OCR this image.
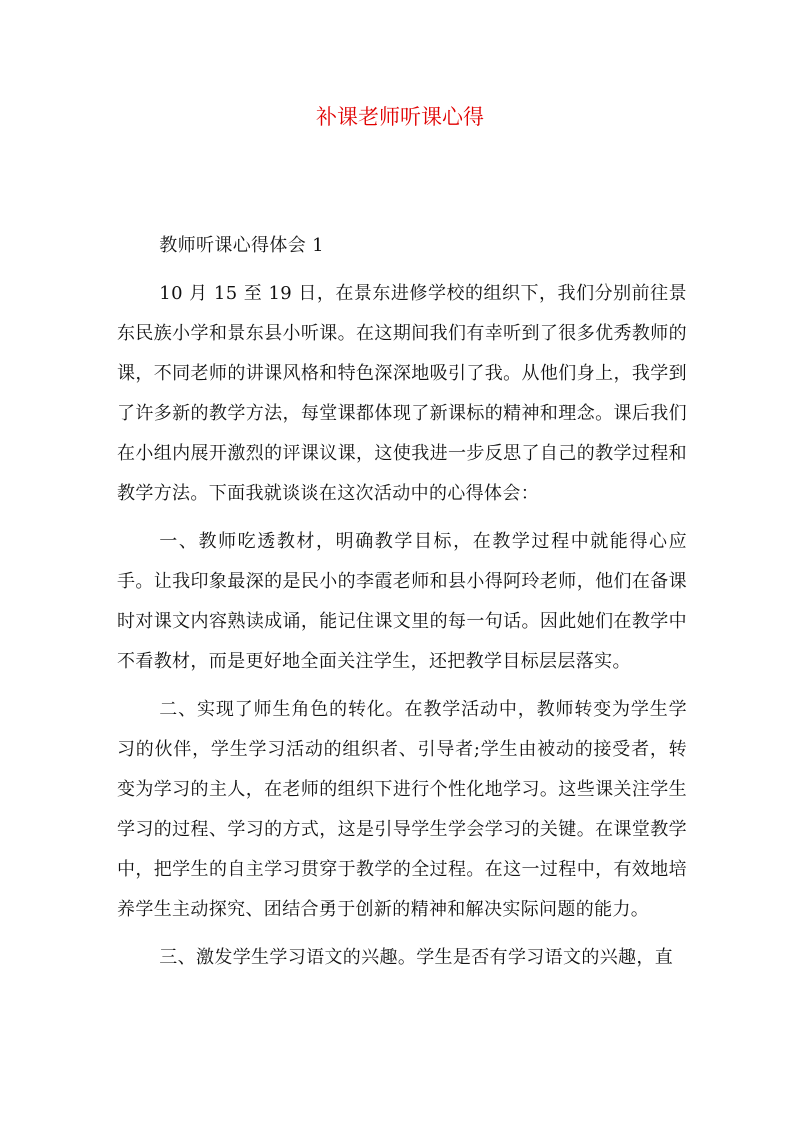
补课老师听课心得

教师听课心得体会 1

10 月 15 至 19 日，在景东进修学校的组织下，我们分别前往景东民族小学和景东县小听课。在这期间我们有幸听到了很多优秀教师的课，不同老师的讲课风格和特色深深地吸引了我。从他们身上，我学到了许多新的教学方法，每堂课都体现了新课标的精神和理念。课后我们在小组内展开激烈的评课议课，这使我进一步反思了自己的教学过程和教学方法。下面我就谈谈在这次活动中的心得体会：

一、教师吃透教材，明确教学目标，在教学过程中就能得心应手。让我印象最深的是民小的李霞老师和县小得阿玲老师，他们在备课时对课文内容熟读成诵，能记住课文里的每一句话。因此她们在教学中不看教材，而是更好地全面关注学生，还把教学目标层层落实。

二、实现了师生角色的转化。在教学活动中，教师转变为学生学习的伙伴，学生学习活动的组织者、引导者;学生由被动的接受者，转变为学习的主人，在老师的组织下进行个性化地学习。这些课关注学生学习的过程、学习的方式，这是引导学生学会学习的关键。在课堂教学中，把学生的自主学习贯穿于教学的全过程。在这一过程中，有效地培养学生主动探究、团结合勇于创新的精神和解决实际问题的能力。

三、激发学生学习语文的兴趣。学生是否有学习语文的兴趣，直
